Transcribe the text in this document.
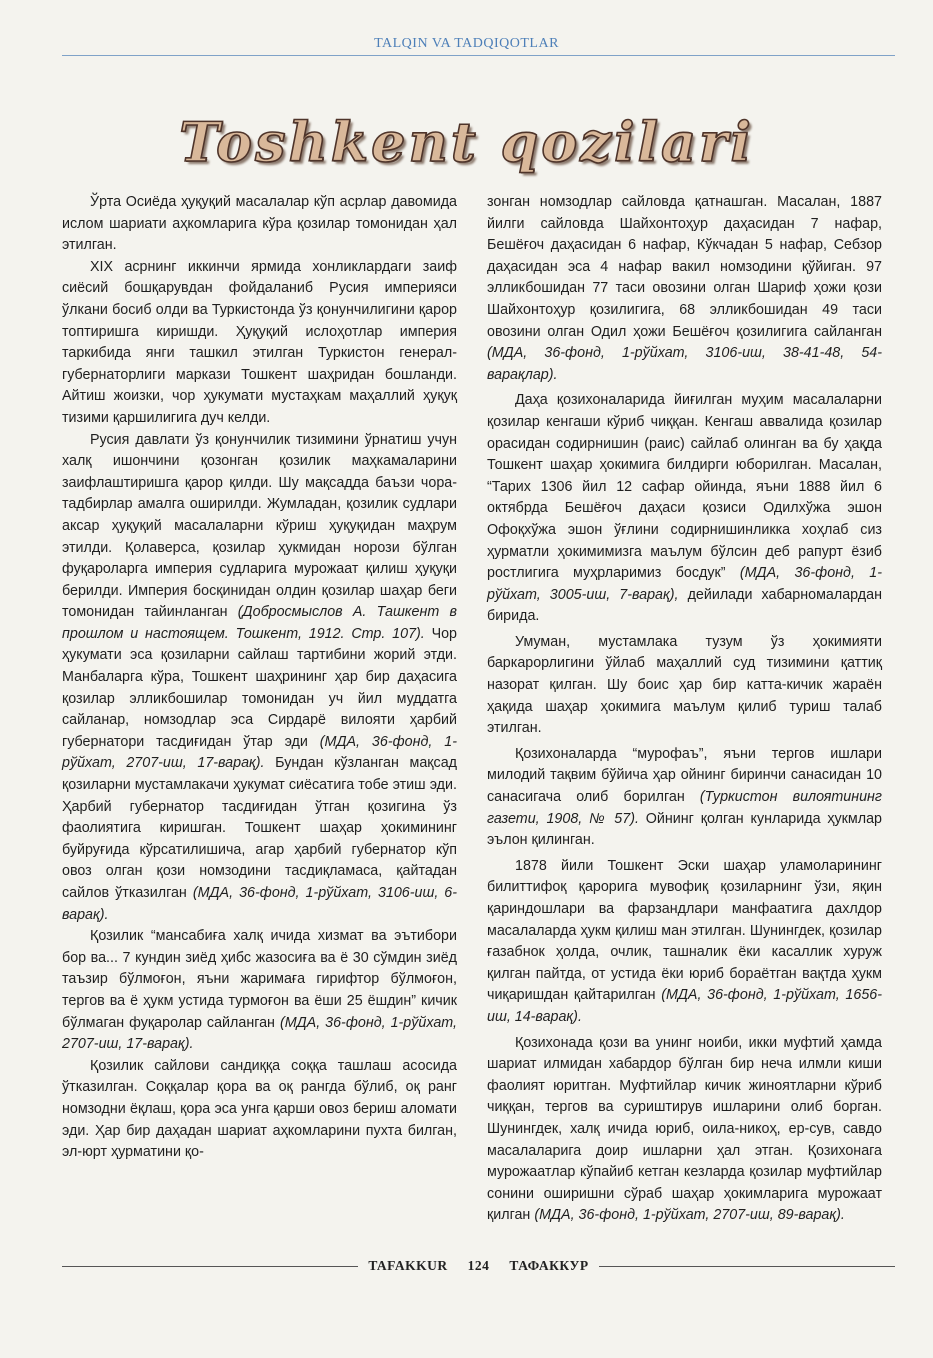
TALQIN VA TADQIQOTLAR
Toshkent qozilari

Ўрта Осиёда ҳуқуқий масалалар кўп асрлар давомида ислом шариати аҳкомларига кўра қозилар томонидан ҳал этилган.

XIX асрнинг иккинчи ярмида хонликлардаги заиф сиёсий бошқарувдан фойдаланиб Русия империяси ўлкани босиб олди ва Туркистонда ўз қонунчилигини қарор топтиришга киришди. Ҳуқуқий ислоҳотлар империя таркибида янги ташкил этилган Туркистон генерал-губернаторлиги маркази Тошкент шаҳридан бошланди. Айтиш жоизки, чор ҳукумати мустаҳкам маҳаллий ҳуқуқ тизими қаршилигига дуч келди.

Русия давлати ўз қонунчилик тизимини ўрнатиш учун халқ ишончини қозонган қозилик маҳкамаларини заифлаштиришга қарор қилди. Шу мақсадда баъзи чора-тадбирлар амалга оширилди. Жумладан, қозилик судлари аксар ҳуқуқий масалаларни кўриш ҳуқуқидан маҳрум этилди. Қолаверса, қозилар ҳукмидан норози бўлган фуқароларга империя судларига мурожаат қилиш ҳуқуқи берилди. Империя босқинидан олдин қозилар шаҳар беги томонидан тайинланган (Добросмыслов А. Ташкент в прошлом и настоящем. Тошкент, 1912. Стр. 107). Чор ҳукумати эса қозиларни сайлаш тартибини жорий этди. Манбаларга кўра, Тошкент шаҳрининг ҳар бир даҳасига қозилар элликбошилар томонидан уч йил муддатга сайланар, номзодлар эса Сирдарё вилояти ҳарбий губернатори тасдиғидан ўтар эди (МДА, 36-фонд, 1-рўйхат, 2707-иш, 17-варақ). Бундан кўзланган мақсад қозиларни мустамлакачи ҳукумат сиёсатига тобе этиш эди. Ҳарбий губернатор тасдиғидан ўтган қозигина ўз фаолиятига киришган. Тошкент шаҳар ҳокимининг буйруғида кўрсатилишича, агар ҳарбий губернатор кўп овоз олган қози номзодини тасдиқламаса, қайтадан сайлов ўтказилган (МДА, 36-фонд, 1-рўйхат, 3106-иш, 6-варақ).

Қозилик “мансабиға халқ ичида хизмат ва эътибори бор ва... 7 кундин зиёд ҳибс жазосиға ва ё 30 сўмдин зиёд таъзир бўлмоғон, яъни жаримаға гирифтор бўлмоғон, тергов ва ё ҳукм устида турмоғон ва ёши 25 ёшдин” кичик бўлмаган фуқаролар сайланган (МДА, 36-фонд, 1-рўйхат, 2707-иш, 17-варақ).

Қозилик сайлови сандиққа соққа ташлаш асосида ўтказилган. Соққалар қора ва оқ рангда бўлиб, оқ ранг номзодни ёқлаш, қора эса унга қарши овоз бериш аломати эди. Ҳар бир даҳадан шариат аҳкомларини пухта билган, эл-юрт ҳурматини қо-

зонган номзодлар сайловда қатнашган. Масалан, 1887 йилги сайловда Шайхонтоҳур даҳасидан 7 нафар, Бешёғоч даҳасидан 6 нафар, Кўкчадан 5 нафар, Себзор даҳасидан эса 4 нафар вакил номзодини қўйиган. 97 элликбошидан 77 таси овозини олган Шариф ҳожи қози Шайхонтоҳур қозилигига, 68 элликбошидан 49 таси овозини олган Одил ҳожи Бешёғоч қозилигига сайланган (МДА, 36-фонд, 1-рўйхат, 3106-иш, 38-41-48, 54-варақлар).

Даҳа қозихоналарида йиғилган муҳим масалаларни қозилар кенгаши кўриб чиққан. Кенгаш аввалида қозилар орасидан содирнишин (раис) сайлаб олинган ва бу ҳақда Тошкент шаҳар ҳокимига билдирги юборилган. Масалан, “Тарих 1306 йил 12 сафар ойинда, яъни 1888 йил 6 октябрда Бешёғоч даҳаси қозиси Одилхўжа эшон Офоқхўжа эшон ўғлини содирнишинликка хоҳлаб сиз ҳурматли ҳокимимизга маълум бўлсин деб рапурт ёзиб ростлигига муҳрларимиз босдук” (МДА, 36-фонд, 1-рўйхат, 3005-иш, 7-варақ), дейилади хабарномалардан бирида.

Умуман, мустамлака тузум ўз ҳокимияти баркарорлигини ўйлаб маҳаллий суд тизимини қаттиқ назорат қилган. Шу боис ҳар бир катта-кичик жараён ҳақида шаҳар ҳокимига маълум қилиб туриш талаб этилган.

Қозихоналарда “мурофаъ”, яъни тергов ишлари милодий тақвим бўйича ҳар ойнинг биринчи санасидан 10 санасигача олиб борилган (Туркистон вилоятининг газети, 1908, № 57). Ойнинг қолган кунларида ҳукмлар эълон қилинган.

1878 йили Тошкент Эски шаҳар уламоларининг билиттифоқ қарорига мувофиқ қозиларнинг ўзи, яқин қариндошлари ва фарзандлари манфаатига дахлдор масалаларда ҳукм қилиш ман этилган. Шунингдек, қозилар ғазабнок ҳолда, очлик, ташналик ёки касаллик хуруж қилган пайтда, от устида ёки юриб бораётган вақтда ҳукм чиқаришдан қайтарилган (МДА, 36-фонд, 1-рўйхат, 1656-иш, 14-варақ).

Қозихонада қози ва унинг ноиби, икки муфтий ҳамда шариат илмидан хабардор бўлган бир неча илмли киши фаолият юритган. Муфтийлар кичик жиноятларни кўриб чиққан, тергов ва суриштирув ишларини олиб борган. Шунингдек, халқ ичида юриб, оила-никоҳ, ер-сув, савдо масалаларига доир ишларни ҳал этган. Қозихонага мурожаатлар кўпайиб кетган кезларда қозилар муфтийлар сонини оширишни сўраб шаҳар ҳокимларига мурожаат қилган (МДА, 36-фонд, 1-рўйхат, 2707-иш, 89-варақ).

TAFAKKUR 124 ТАФАККУР
